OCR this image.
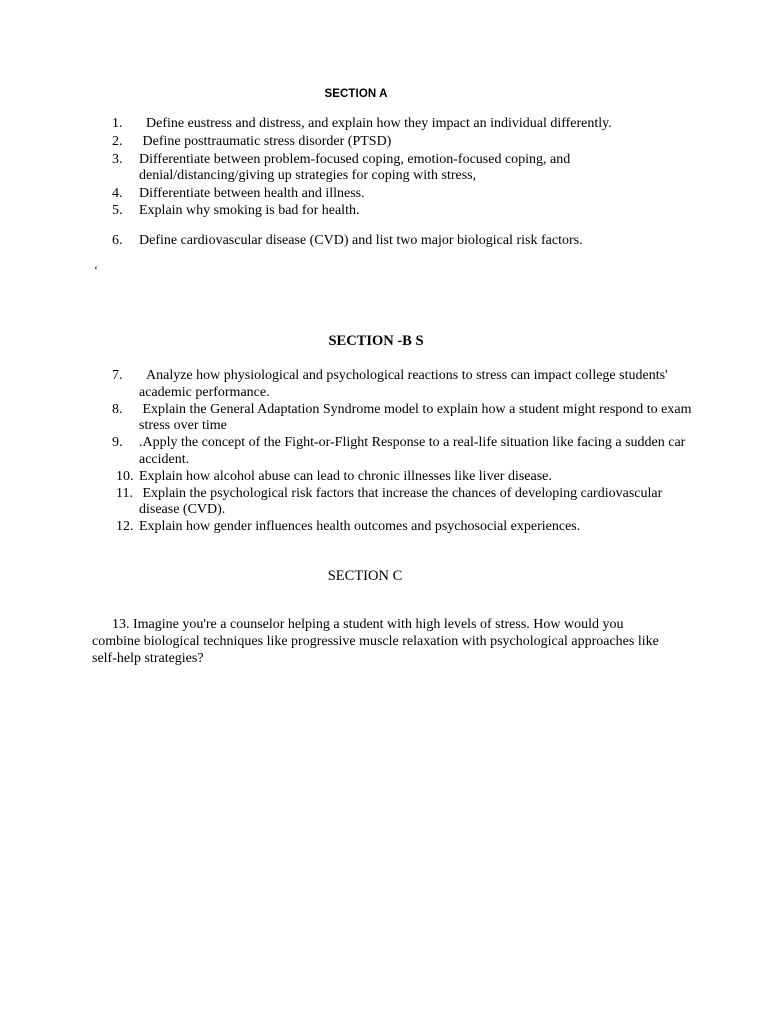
SECTION A
1.	Define eustress and distress, and explain how they impact an individual differently.
2.	Define posttraumatic stress disorder (PTSD)
3.	Differentiate between problem-focused coping, emotion-focused coping, and denial/distancing/giving up strategies for coping with stress,
4.	Differentiate between health and illness.
5.	Explain why smoking is bad for health.
6.	Define cardiovascular disease (CVD) and list two major biological risk factors.
‘
SECTION -B S
7.	Analyze how physiological and psychological reactions to stress can impact college students' academic performance.
8.	Explain the General Adaptation Syndrome model to explain how a student might respond to exam stress over time
9.	.Apply the concept of the Fight-or-Flight Response to a real-life situation like facing a sudden car accident.
10. Explain how alcohol abuse can lead to chronic illnesses like liver disease.
11. Explain the psychological risk factors that increase the chances of developing cardiovascular disease (CVD).
12. Explain how gender influences health outcomes and psychosocial experiences.
SECTION C

13. Imagine you're a counselor helping a student with high levels of stress. How would you combine biological techniques like progressive muscle relaxation with psychological approaches like self-help strategies?
